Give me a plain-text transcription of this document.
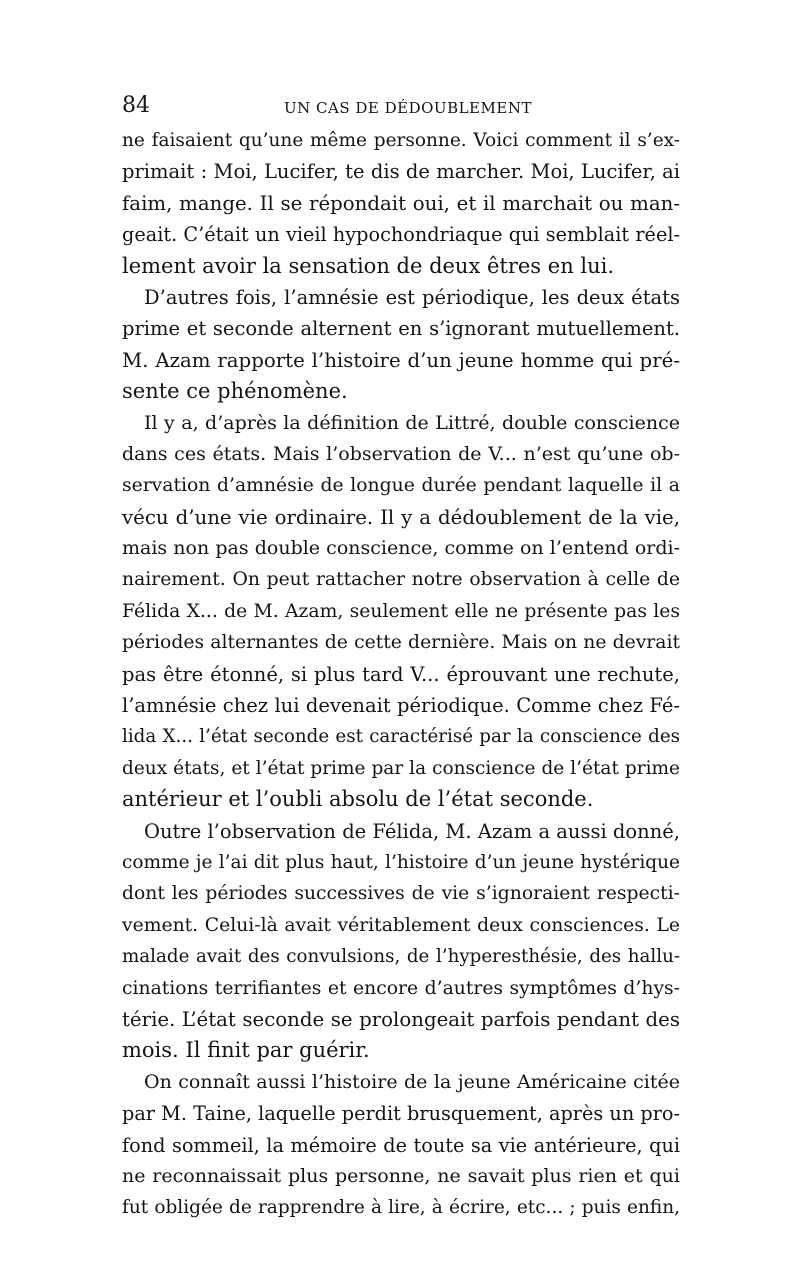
84	UN CAS DE DÉDOUBLEMENT
ne faisaient qu’une même personne. Voici comment il s’ex-
primait : Moi, Lucifer, te dis de marcher. Moi, Lucifer, ai
faim, mange. Il se répondait oui, et il marchait ou man-
geait. C’était un vieil hypochondriaque qui semblait réel-
lement avoir la sensation de deux êtres en lui.
D’autres fois, l’amnésie est périodique, les deux états
prime et seconde alternent en s’ignorant mutuellement.
M. Azam rapporte l’histoire d’un jeune homme qui pré-
sente ce phénomène.
Il y a, d’après la définition de Littré, double conscience
dans ces états. Mais l’observation de V... n’est qu’une ob-
servation d’amnésie de longue durée pendant laquelle il a
vécu d’une vie ordinaire. Il y a dédoublement de la vie,
mais non pas double conscience, comme on l’entend ordi-
nairement. On peut rattacher notre observation à celle de
Félida X... de M. Azam, seulement elle ne présente pas les
périodes alternantes de cette dernière. Mais on ne devrait
pas être étonné, si plus tard V... éprouvant une rechute,
l’amnésie chez lui devenait périodique. Comme chez Fé-
lida X... l’état seconde est caractérisé par la conscience des
deux états, et l’état prime par la conscience de l’état prime
antérieur et l’oubli absolu de l’état seconde.
Outre l’observation de Félida, M. Azam a aussi donné,
comme je l’ai dit plus haut, l’histoire d’un jeune hystérique
dont les périodes successives de vie s’ignoraient respecti-
vement. Celui-là avait véritablement deux consciences. Le
malade avait des convulsions, de l’hyperesthésie, des hallu-
cinations terrifiantes et encore d’autres symptômes d’hys-
térie. L’état seconde se prolongeait parfois pendant des
mois. Il finit par guérir.
On connaît aussi l’histoire de la jeune Américaine citée
par M. Taine, laquelle perdit brusquement, après un pro-
fond sommeil, la mémoire de toute sa vie antérieure, qui
ne reconnaissait plus personne, ne savait plus rien et qui
fut obligée de rapprendre à lire, à écrire, etc... ; puis enfin,
